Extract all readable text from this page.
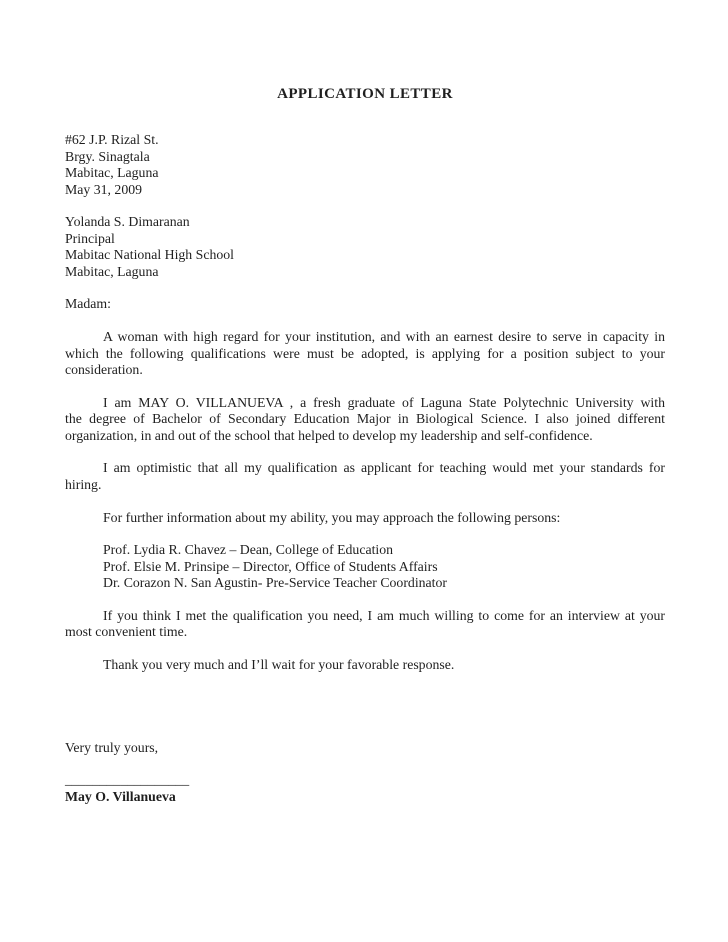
APPLICATION LETTER
#62 J.P. Rizal St.
Brgy. Sinagtala
Mabitac, Laguna
May 31, 2009
Yolanda S. Dimaranan
Principal
Mabitac National High School
Mabitac, Laguna
Madam:
A woman with high regard for your institution, and with an earnest desire to serve in capacity in
which the following qualifications were must be adopted, is applying for a position subject to your
consideration.
I am MAY O. VILLANUEVA , a fresh graduate of Laguna State Polytechnic University with
the degree of Bachelor of Secondary Education Major in Biological Science. I also joined different
organization, in and out of the school that helped to develop my leadership and self-confidence.
I am optimistic that all my qualification as applicant for teaching would met your standards for
hiring.
For further information about my ability, you may approach the following persons:
Prof. Lydia R. Chavez – Dean, College of Education
Prof. Elsie M. Prinsipe – Director, Office of Students Affairs
Dr. Corazon N. San Agustin- Pre-Service Teacher Coordinator
If you think I met the qualification you need, I am much willing to come for an interview at your
most convenient time.
Thank you very much and I’ll wait for your favorable response.
Very truly yours,
__________________
May O. Villanueva
